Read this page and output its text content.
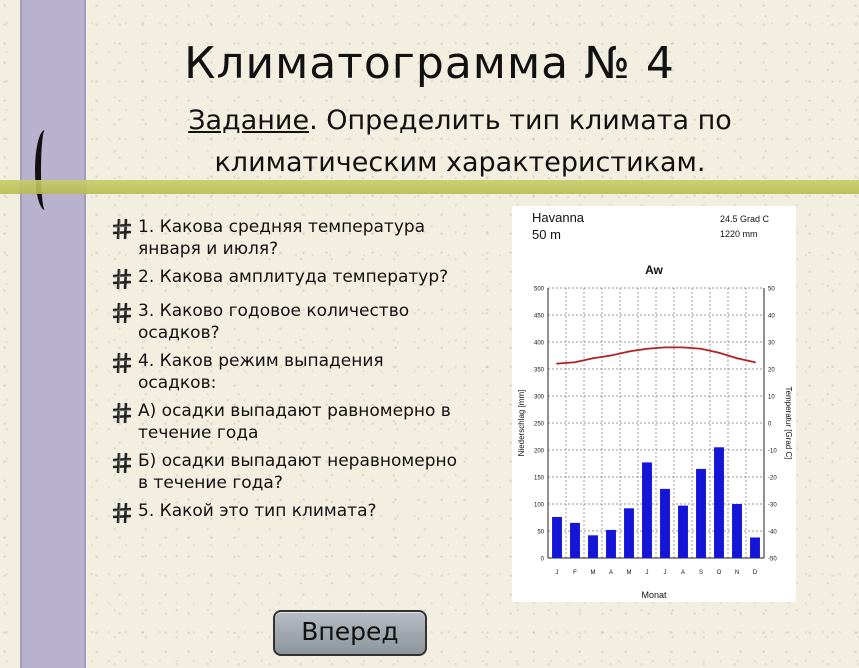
Климатограмма № 4
Задание. Определить тип климата по климатическим характеристикам.
1. Какова средняя температура января и июля?
2. Какова амплитуда температур?
3. Каково годовое количество осадков?
4. Каков режим выпадения осадков:
А) осадки выпадают равномерно в течение года
Б) осадки выпадают неравномерно в течение года?
5. Какой это тип климата?
Havanna
50 m
24.5 Grad C
1220 mm
Aw
0
50
100
150
200
250
300
350
400
450
500
-50
-40
-30
-20
-10
0
10
20
30
40
50
J F M A M J	J A S O N D
Monat
Niederschlag [mm]	Temperatur [Grad C]
Вперед
